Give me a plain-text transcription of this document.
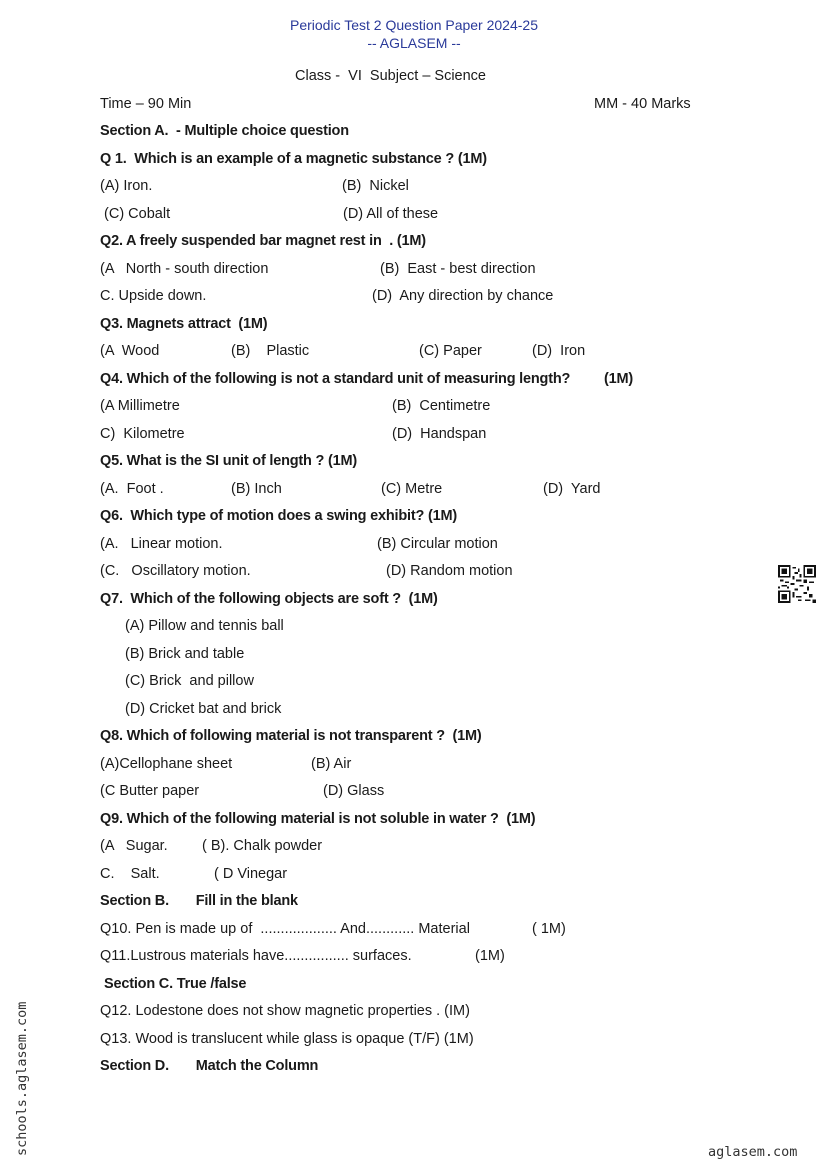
Periodic Test 2 Question Paper 2024-25
-- AGLASEM --
Class -  VI  Subject – Science
Time – 90 Min	MM - 40 Marks
Section A.  - Multiple choice question
Q 1.  Which is an example of a magnetic substance ? (1M)
(A) Iron.	(B)  Nickel
(C) Cobalt	(D) All of these
Q2. A freely suspended bar magnet rest in  . (1M)
(A   North - south direction	(B)  East - best direction
C. Upside down.	(D)  Any direction by chance
Q3. Magnets attract  (1M)
(A  Wood	(B)    Plastic	(C) Paper	(D)  Iron
Q4. Which of the following is not a standard unit of measuring length? (1M)
(A Millimetre	(B)  Centimetre
C)  Kilometre	(D)  Handspan
Q5. What is the SI unit of length ? (1M)
(A.  Foot .	(B) Inch	(C) Metre	(D)  Yard
Q6.  Which type of motion does a swing exhibit? (1M)
(A.   Linear motion.	(B) Circular motion
(C.   Oscillatory motion.	(D) Random motion
Q7.  Which of the following objects are soft ?  (1M)
(A) Pillow and tennis ball
(B) Brick and table
(C) Brick  and pillow
(D) Cricket bat and brick
Q8. Which of following material is not transparent ?  (1M)
(A)Cellophane sheet	(B) Air
(C Butter paper	(D) Glass
Q9. Which of the following material is not soluble in water ?  (1M)
(A   Sugar. ( B). Chalk powder
C.    Salt.	( D Vinegar
Section B.       Fill in the blank
Q10. Pen is made up of  ................... And............ Material	( 1M)
Q11.Lustrous materials have................ surfaces.	(1M)
Section C. True /false
Q12. Lodestone does not show magnetic properties . (IM)
Q13. Wood is translucent while glass is opaque (T/F) (1M)
Section D.       Match the Column
schools.aglasem.com	aglasem.com
